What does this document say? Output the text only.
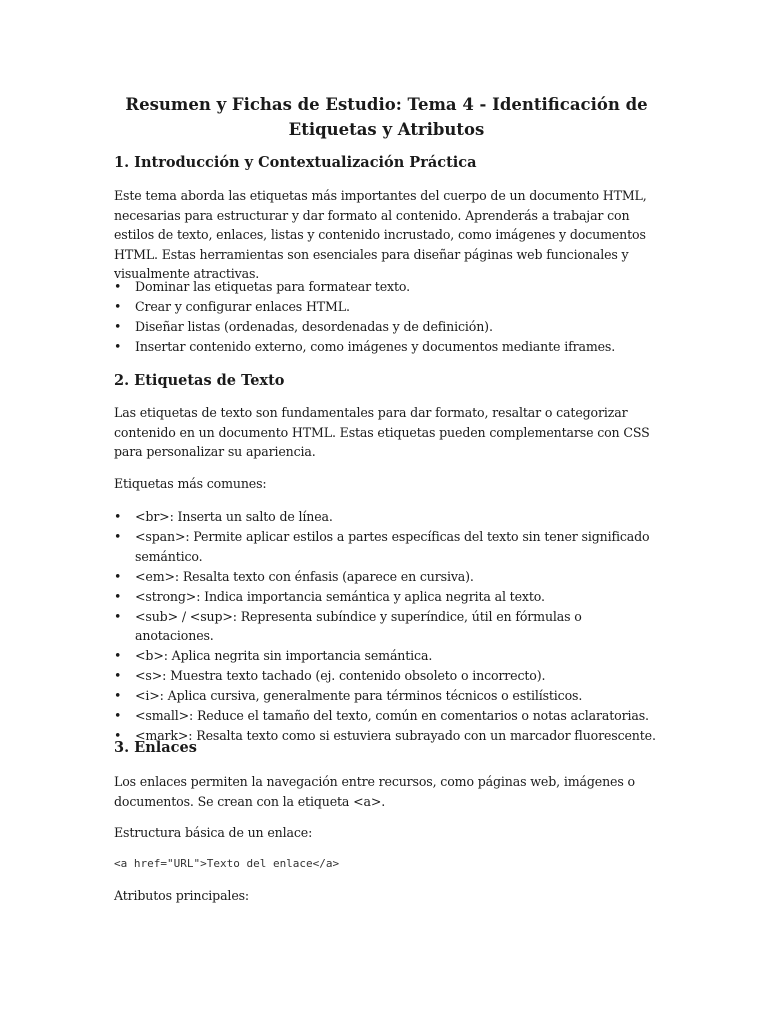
Resumen y Fichas de Estudio: Tema 4 - Identificación de Etiquetas y Atributos
1. Introducción y Contextualización Práctica
Este tema aborda las etiquetas más importantes del cuerpo de un documento HTML, necesarias para estructurar y dar formato al contenido. Aprenderás a trabajar con estilos de texto, enlaces, listas y contenido incrustado, como imágenes y documentos HTML. Estas herramientas son esenciales para diseñar páginas web funcionales y visualmente atractivas.
• Dominar las etiquetas para formatear texto.
• Crear y configurar enlaces HTML.
• Diseñar listas (ordenadas, desordenadas y de definición).
• Insertar contenido externo, como imágenes y documentos mediante iframes.
2. Etiquetas de Texto
Las etiquetas de texto son fundamentales para dar formato, resaltar o categorizar contenido en un documento HTML. Estas etiquetas pueden complementarse con CSS para personalizar su apariencia.
Etiquetas más comunes:
• <br>: Inserta un salto de línea.
• <span>: Permite aplicar estilos a partes específicas del texto sin tener significado semántico.
• <em>: Resalta texto con énfasis (aparece en cursiva).
• <strong>: Indica importancia semántica y aplica negrita al texto.
• <sub> / <sup>: Representa subíndice y superíndice, útil en fórmulas o anotaciones.
• <b>: Aplica negrita sin importancia semántica.
• <s>: Muestra texto tachado (ej. contenido obsoleto o incorrecto).
• <i>: Aplica cursiva, generalmente para términos técnicos o estilísticos.
• <small>: Reduce el tamaño del texto, común en comentarios o notas aclaratorias.
• <mark>: Resalta texto como si estuviera subrayado con un marcador fluorescente.
3. Enlaces
Los enlaces permiten la navegación entre recursos, como páginas web, imágenes o documentos. Se crean con la etiqueta <a>.
Estructura básica de un enlace:
<a href="URL">Texto del enlace</a>
Atributos principales:
